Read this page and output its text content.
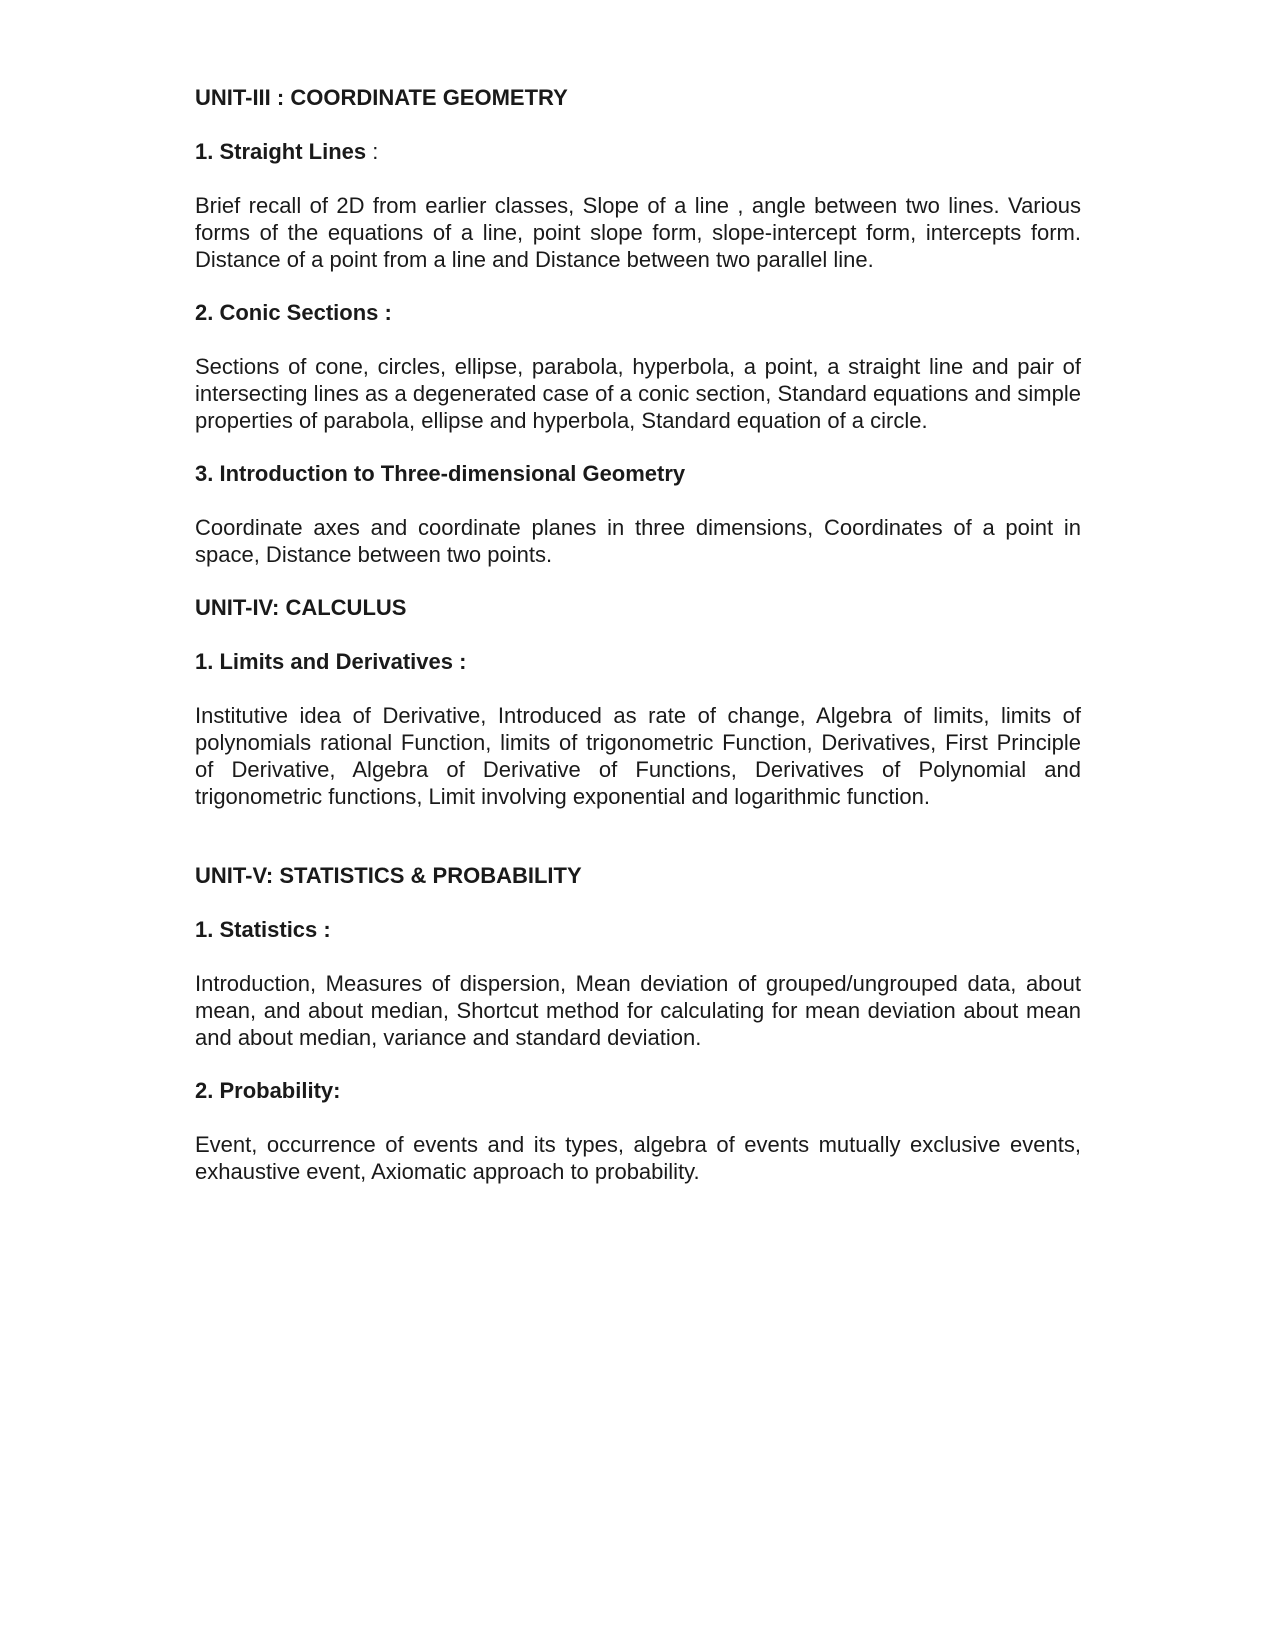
UNIT-III : COORDINATE GEOMETRY

1. Straight Lines :

Brief recall of 2D from earlier classes, Slope of a line , angle between two lines. Various forms of the equations of a line, point slope form, slope-intercept form, intercepts form. Distance of a point from a line and Distance between two parallel line.

2. Conic Sections :

Sections of cone, circles, ellipse, parabola, hyperbola, a point, a straight line and pair of intersecting lines as a degenerated case of a conic section, Standard equations and simple properties of parabola, ellipse and hyperbola, Standard equation of a circle.

3. Introduction to Three-dimensional Geometry

Coordinate axes and coordinate planes in three dimensions, Coordinates of a point in space, Distance between two points.

UNIT-IV: CALCULUS

1. Limits and Derivatives :

Institutive idea of Derivative, Introduced as rate of change, Algebra of limits, limits of polynomials rational Function, limits of trigonometric Function, Derivatives, First Principle of Derivative, Algebra of Derivative of Functions, Derivatives of Polynomial and trigonometric functions, Limit involving exponential and logarithmic function.

UNIT-V: STATISTICS & PROBABILITY

1. Statistics :

Introduction, Measures of dispersion, Mean deviation of grouped/ungrouped data, about mean, and about median, Shortcut method for calculating for mean deviation about mean and about median, variance and standard deviation.

2. Probability:

Event, occurrence of events and its types, algebra of events mutually exclusive events, exhaustive event, Axiomatic approach to probability.
